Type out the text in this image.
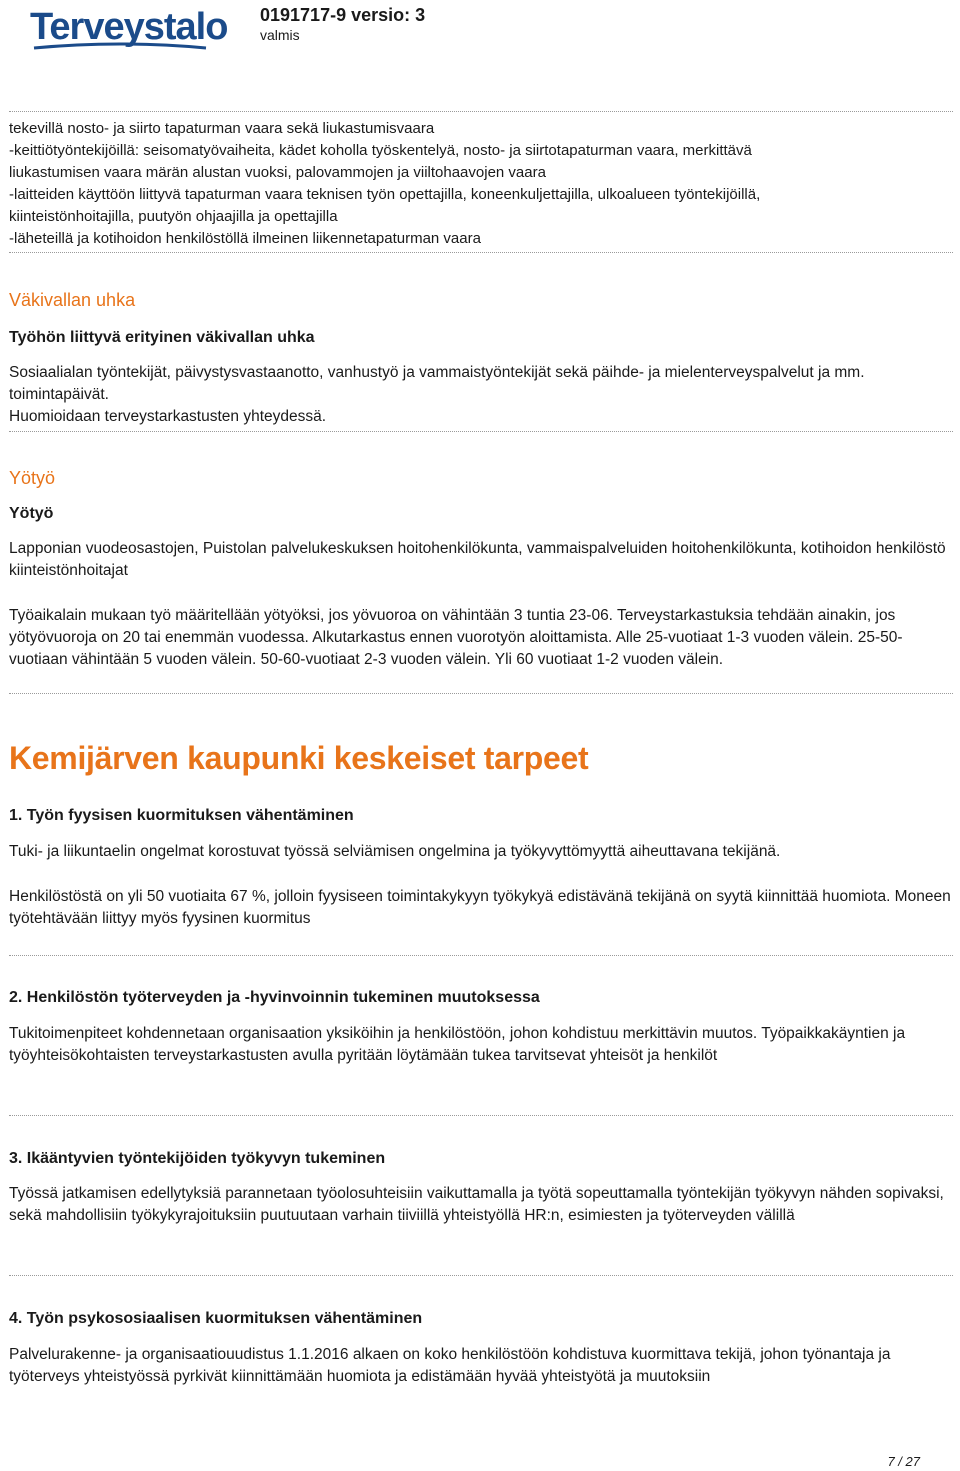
Terveystalo 0191717-9 versio: 3
valmis

tekevillä nosto- ja siirto tapaturman vaara sekä liukastumisvaara

-keittiötyöntekijöillä: seisomatyövaiheita, kädet koholla työskentelyä, nosto- ja siirtotapaturman vaara, merkittävä

liukastumisen vaara märän alustan vuoksi, palovammojen ja viiltohaavojen vaara

-laitteiden käyttöön liittyvä tapaturman vaara teknisen työn opettajilla, koneenkuljettajilla, ulkoalueen työntekijöillä,

kiinteistönhoitajilla, puutyön ohjaajilla ja opettajilla

-läheteillä ja kotihoidon henkilöstöllä ilmeinen liikennetapaturman vaara

Väkivallan uhka
Työhön liittyvä erityinen väkivallan uhka

Sosiaalialan työntekijät, päivystysvastaanotto, vanhustyö ja vammaistyöntekijät sekä päihde- ja mielenterveyspalvelut ja mm. toimintapäivät.

Huomioidaan terveystarkastusten yhteydessä.

Yötyö
Yötyö

Lapponian vuodeosastojen, Puistolan palvelukeskuksen hoitohenkilökunta, vammaispalveluiden hoitohenkilökunta, kotihoidon henkilöstö kiinteistönhoitajat

Työaikalain mukaan työ määritellään yötyöksi, jos yövuoroa on vähintään 3 tuntia 23-06. Terveystarkastuksia tehdään ainakin, jos yötyövuoroja on 20 tai enemmän vuodessa. Alkutarkastus ennen vuorotyön aloittamista. Alle 25-vuotiaat 1-3 vuoden välein. 25-50-vuotiaan vähintään 5 vuoden välein. 50-60-vuotiaat 2-3 vuoden välein. Yli 60 vuotiaat 1-2 vuoden välein.

Kemijärven kaupunki keskeiset tarpeet
1. Työn fyysisen kuormituksen vähentäminen

Tuki- ja liikuntaelin ongelmat korostuvat työssä selviämisen ongelmina ja työkyvyttömyyttä aiheuttavana tekijänä.

Henkilöstöstä on yli 50 vuotiaita 67 %, jolloin fyysiseen toimintakykyyn työkykyä edistävänä tekijänä on syytä kiinnittää huomiota. Moneen työtehtävään liittyy myös fyysinen kuormitus

2. Henkilöstön työterveyden ja -hyvinvoinnin tukeminen muutoksessa

Tukitoimenpiteet kohdennetaan organisaation yksiköihin ja henkilöstöön, johon kohdistuu merkittävin muutos. Työpaikkakäyntien ja työyhteisökohtaisten terveystarkastusten avulla pyritään löytämään tukea tarvitsevat yhteisöt ja henkilöt

3. Ikääntyvien työntekijöiden työkyvyn tukeminen

Työssä jatkamisen edellytyksiä parannetaan työolosuhteisiin vaikuttamalla ja työtä sopeuttamalla työntekijän työkyvyn nähden sopivaksi, sekä mahdollisiin työkykyrajoituksiin puutuutaan varhain tiiviillä yhteistyöllä HR:n, esimiesten ja työterveyden välillä

4. Työn psykososiaalisen kuormituksen vähentäminen

Palvelurakenne- ja organisaatiouudistus 1.1.2016 alkaen on koko henkilöstöön kohdistuva kuormittava tekijä, johon työnantaja ja työterveys yhteistyössä pyrkivät kiinnittämään huomiota ja edistämään hyvää yhteistyötä ja muutoksiin

7 / 27
